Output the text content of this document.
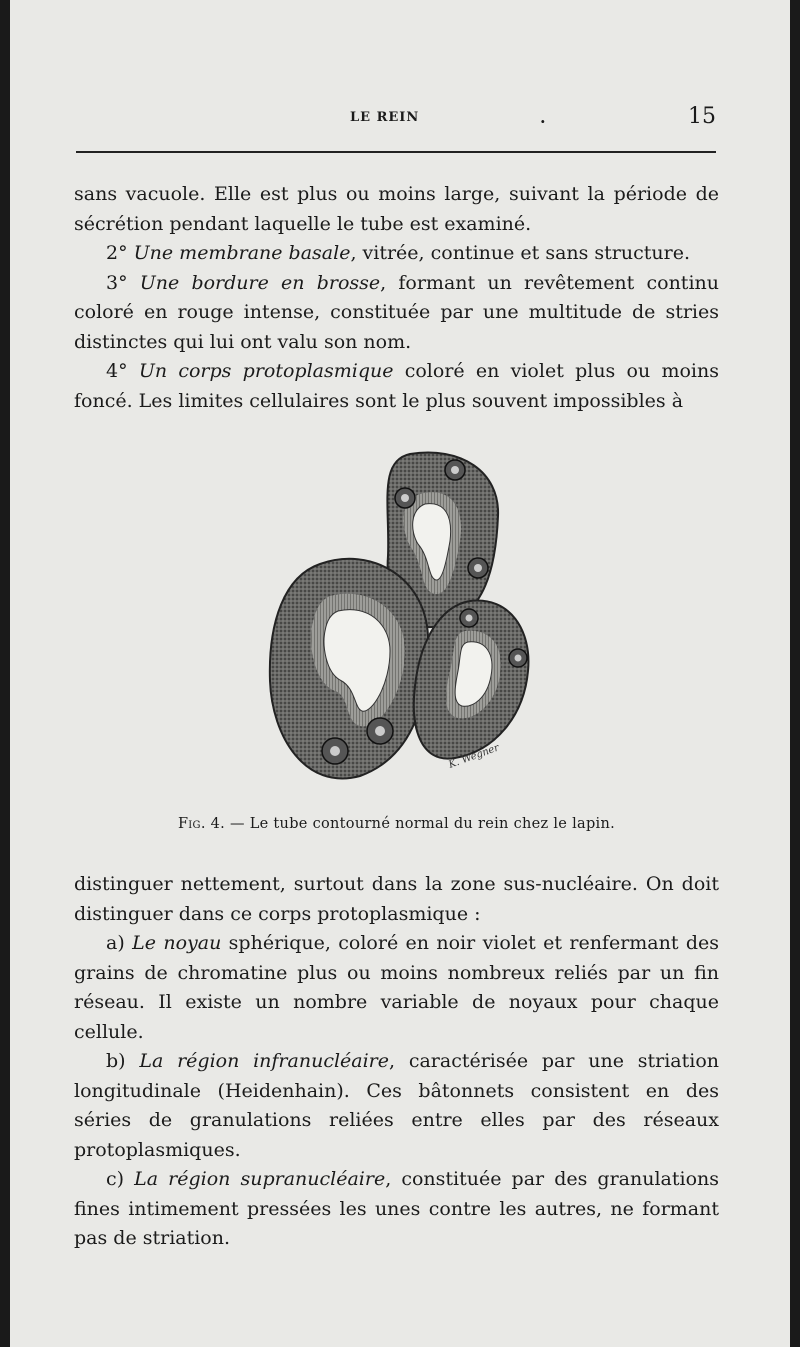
LE REIN	.	15

sans vacuole. Elle est plus ou moins large, suivant la période de sécrétion pendant laquelle le tube est examiné.

2° Une membrane basale, vitrée, continue et sans structure.

3° Une bordure en brosse, formant un revêtement continu coloré en rouge intense, constituée par une multitude de stries distinctes qui lui ont valu son nom.

4° Un corps protoplasmique coloré en violet plus ou moins foncé. Les limites cellulaires sont le plus souvent impossibles à

K. Wegner
Fig. 4. — Le tube contourné normal du rein chez le lapin.

distinguer nettement, surtout dans la zone sus-nucléaire. On doit distinguer dans ce corps protoplasmique :

a) Le noyau sphérique, coloré en noir violet et renfermant des grains de chromatine plus ou moins nombreux reliés par un fin réseau. Il existe un nombre variable de noyaux pour chaque cellule.

b) La région infranucléaire, caractérisée par une striation longitudinale (Heidenhain). Ces bâtonnets consistent en des séries de granulations reliées entre elles par des réseaux protoplasmiques.

c) La région supranucléaire, constituée par des granulations fines intimement pressées les unes contre les autres, ne formant pas de striation.
